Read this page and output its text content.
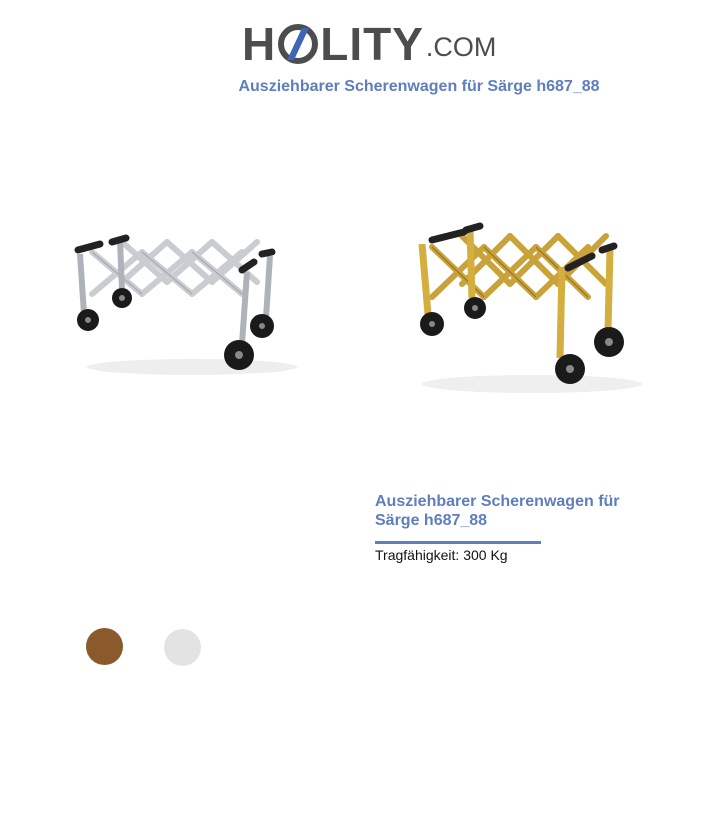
H LITY .COM
Ausziehbarer Scherenwagen für Särge h687_88
Ausziehbarer Scherenwagen für Särge h687_88
Tragfähigkeit: 300 Kg
